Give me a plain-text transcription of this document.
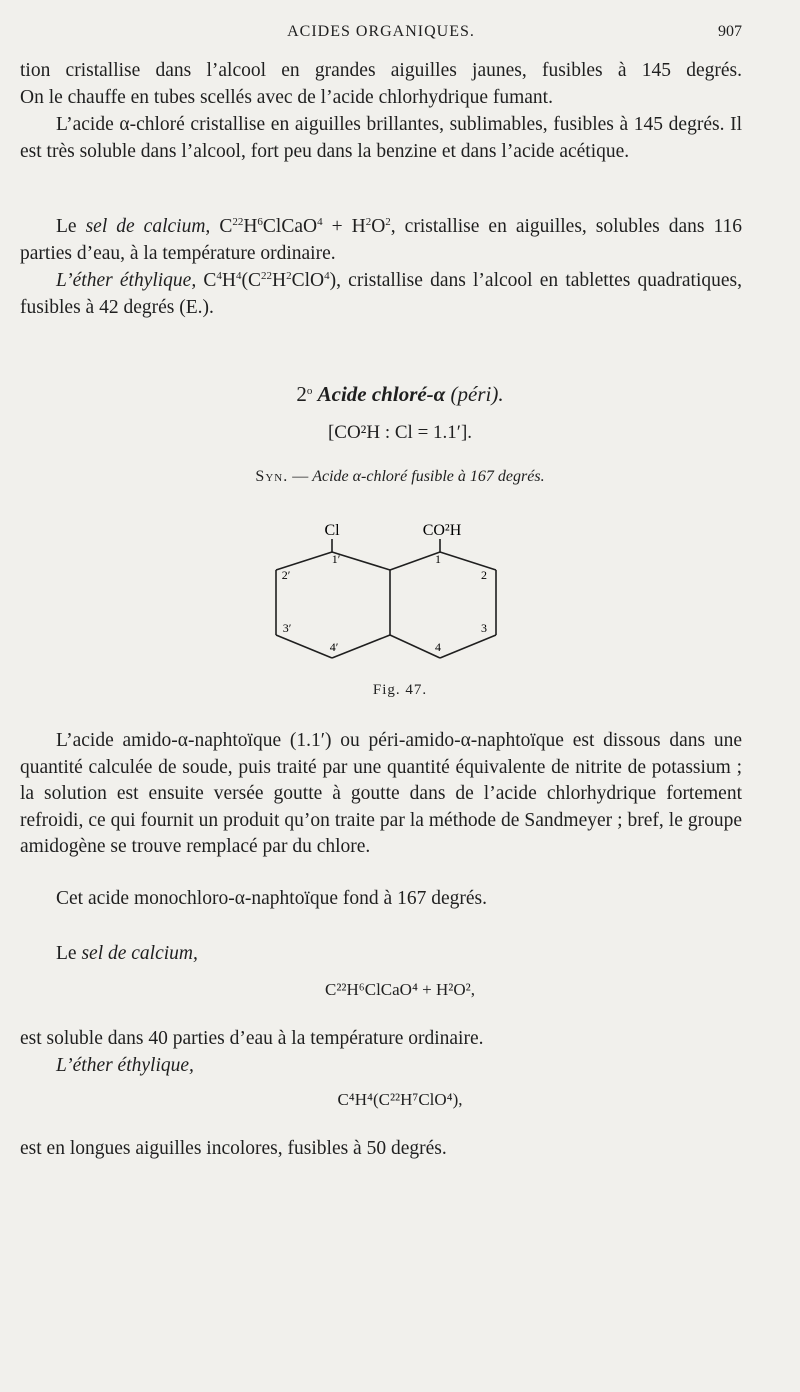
ACIDES ORGANIQUES.	907

tion cristallise dans l’alcool en grandes aiguilles jaunes, fusibles à 145 degrés.

On le chauffe en tubes scellés avec de l’acide chlorhydrique fumant.

L’acide α-chloré cristallise en aiguilles brillantes, sublimables, fusibles à 145 degrés. Il est très soluble dans l’alcool, fort peu dans la benzine et dans l’acide acétique.

Le sel de calcium, $C^{22}H^6ClCaO^4 + H^2O^2$, cristallise en aiguilles, solubles dans 116 parties d’eau, à la température ordinaire.

L’éther éthylique, $C^4H^4(C^{22}H^2ClO^4)$, cristallise dans l’alcool en tablettes quadratiques, fusibles à 42 degrés (E.).

2$^o$ Acide chloré-α (péri).
[CO²H : Cl = 1.1′].
Syn. — Acide α-chloré fusible à 167 degrés.
Cl	CO²H
1′
2′
3′
4′
1
2
3
4
Fig. 47.

L’acide amido-α-naphtoïque (1.1′) ou péri-amido-α-naphtoïque est dissous dans une quantité calculée de soude, puis traité par une quantité équivalente de nitrite de potassium ; la solution est ensuite versée goutte à goutte dans de l’acide chlorhydrique fortement refroidi, ce qui fournit un produit qu’on traite par la méthode de Sandmeyer ; bref, le groupe amidogène se trouve remplacé par du chlore.

Cet acide monochloro-α-naphtoïque fond à 167 degrés.

Le sel de calcium,

C²²H⁶ClCaO⁴ + H²O²,

est soluble dans 40 parties d’eau à la température ordinaire.

L’éther éthylique,

C⁴H⁴(C²²H⁷ClO⁴),

est en longues aiguilles incolores, fusibles à 50 degrés.
